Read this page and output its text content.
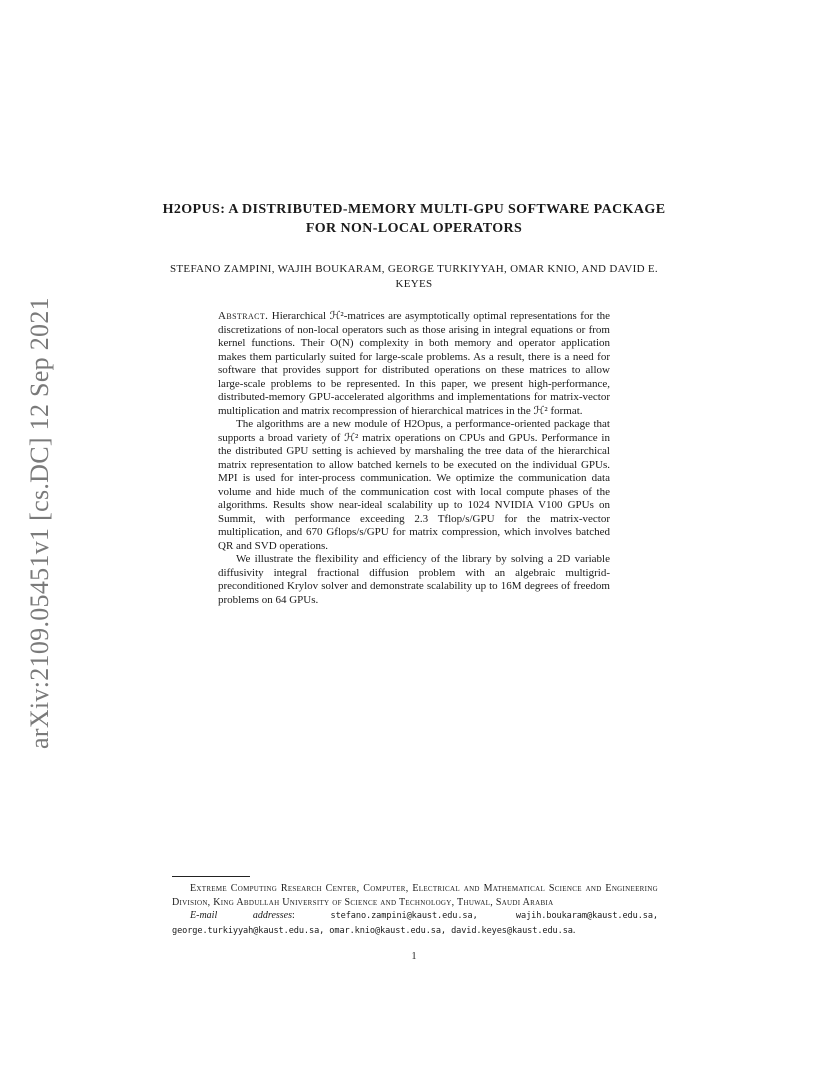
arXiv:2109.05451v1 [cs.DC] 12 Sep 2021
H2OPUS: A DISTRIBUTED-MEMORY MULTI-GPU SOFTWARE PACKAGE FOR NON-LOCAL OPERATORS
STEFANO ZAMPINI, WAJIH BOUKARAM, GEORGE TURKIYYAH, OMAR KNIO, AND DAVID E. KEYES

Abstract. Hierarchical ℋ²-matrices are asymptotically optimal representations for the discretizations of non-local operators such as those arising in integral equations or from kernel functions. Their O(N) complexity in both memory and operator application makes them particularly suited for large-scale problems. As a result, there is a need for software that provides support for distributed operations on these matrices to allow large-scale problems to be represented. In this paper, we present high-performance, distributed-memory GPU-accelerated algorithms and implementations for matrix-vector multiplication and matrix recompression of hierarchical matrices in the ℋ² format.

The algorithms are a new module of H2Opus, a performance-oriented package that supports a broad variety of ℋ² matrix operations on CPUs and GPUs. Performance in the distributed GPU setting is achieved by marshaling the tree data of the hierarchical matrix representation to allow batched kernels to be executed on the individual GPUs. MPI is used for inter-process communication. We optimize the communication data volume and hide much of the communication cost with local compute phases of the algorithms. Results show near-ideal scalability up to 1024 NVIDIA V100 GPUs on Summit, with performance exceeding 2.3 Tflop/s/GPU for the matrix-vector multiplication, and 670 Gflops/s/GPU for matrix compression, which involves batched QR and SVD operations.

We illustrate the flexibility and efficiency of the library by solving a 2D variable diffusivity integral fractional diffusion problem with an algebraic multigrid-preconditioned Krylov solver and demonstrate scalability up to 16M degrees of freedom problems on 64 GPUs.

Extreme Computing Research Center, Computer, Electrical and Mathematical Science and Engineering Division, King Abdullah University of Science and Technology, Thuwal, Saudi Arabia

E-mail addresses: stefano.zampini@kaust.edu.sa, wajih.boukaram@kaust.edu.sa, george.turkiyyah@kaust.edu.sa, omar.knio@kaust.edu.sa, david.keyes@kaust.edu.sa.

1
